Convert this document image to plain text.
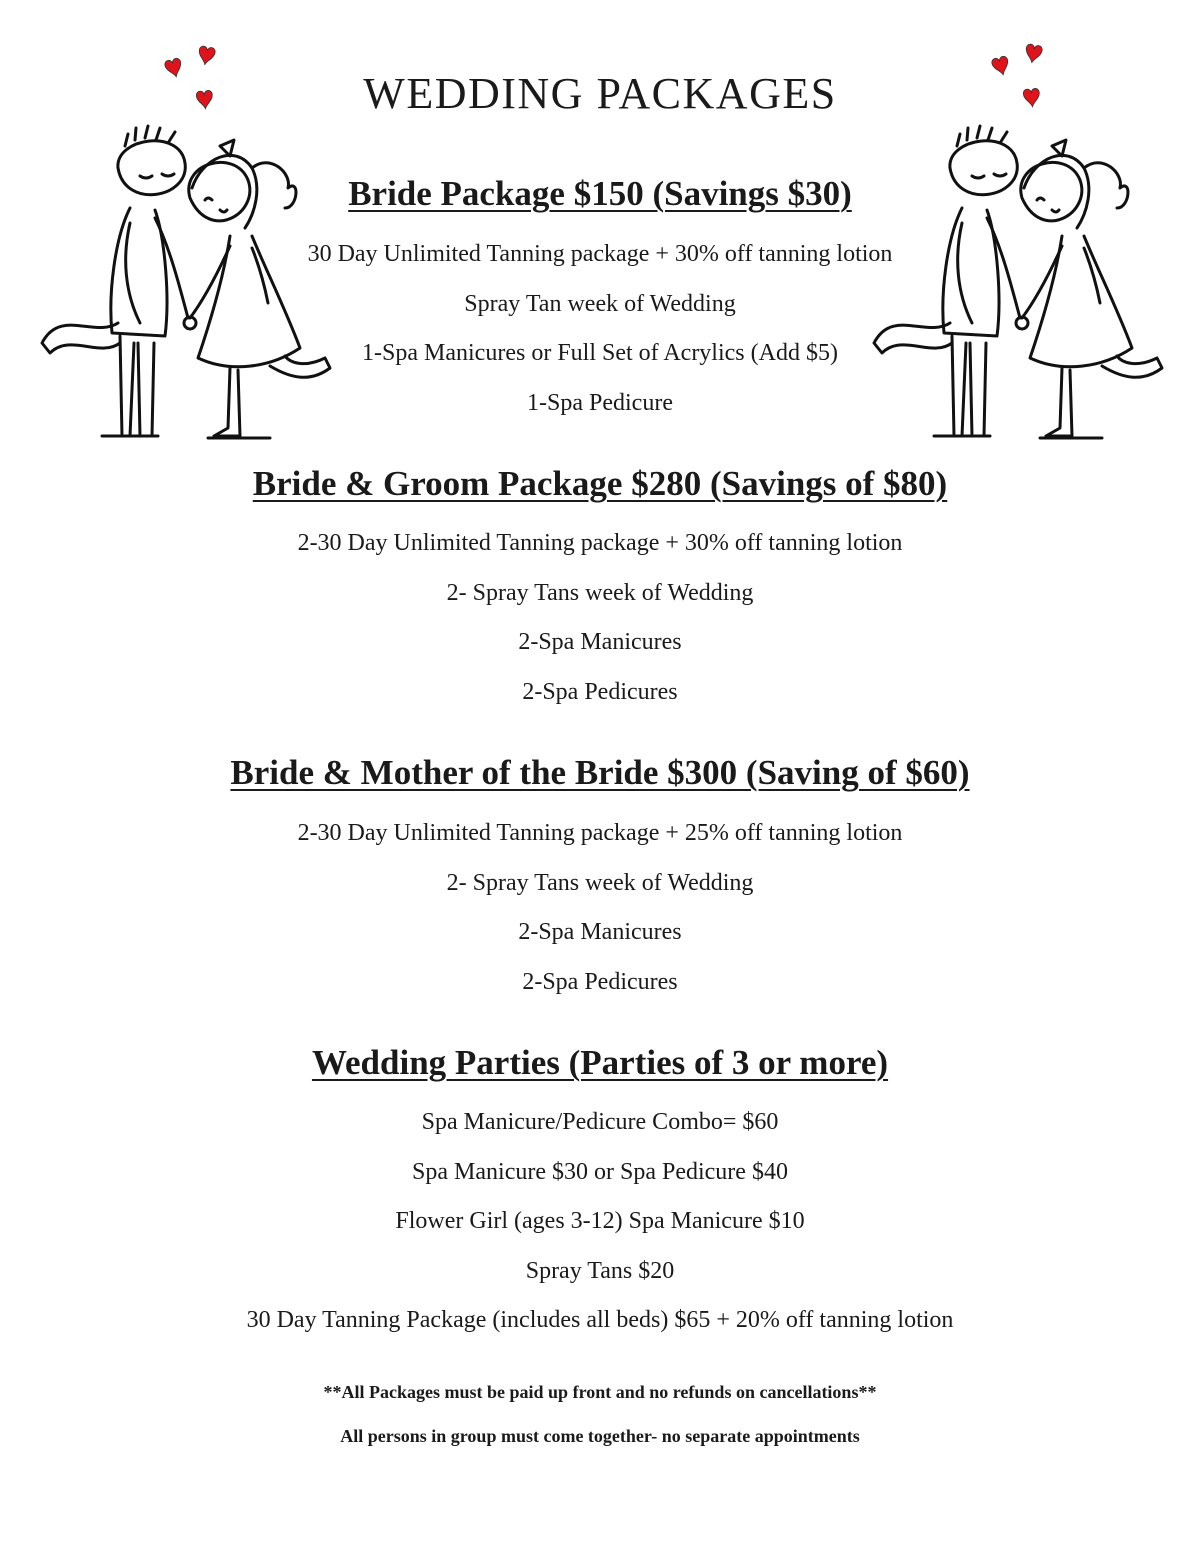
WEDDING PACKAGES
Bride Package $150 (Savings $30)
30 Day Unlimited Tanning package + 30% off tanning lotion
Spray Tan week of Wedding
1-Spa Manicures or Full Set of Acrylics (Add $5)
1-Spa Pedicure
Bride & Groom Package $280 (Savings of $80)
2-30 Day Unlimited Tanning package + 30% off tanning lotion
2- Spray Tans week of Wedding
2-Spa Manicures
2-Spa Pedicures
Bride & Mother of the Bride $300 (Saving of $60)
2-30 Day Unlimited Tanning package + 25% off tanning lotion
2- Spray Tans week of Wedding
2-Spa Manicures
2-Spa Pedicures
Wedding Parties (Parties of 3 or more)
Spa Manicure/Pedicure Combo= $60
Spa Manicure $30 or Spa Pedicure $40
Flower Girl (ages 3-12) Spa Manicure $10
Spray Tans $20
30 Day Tanning Package (includes all beds) $65 + 20% off tanning lotion

**All Packages must be paid up front and no refunds on cancellations**

All persons in group must come together- no separate appointments
